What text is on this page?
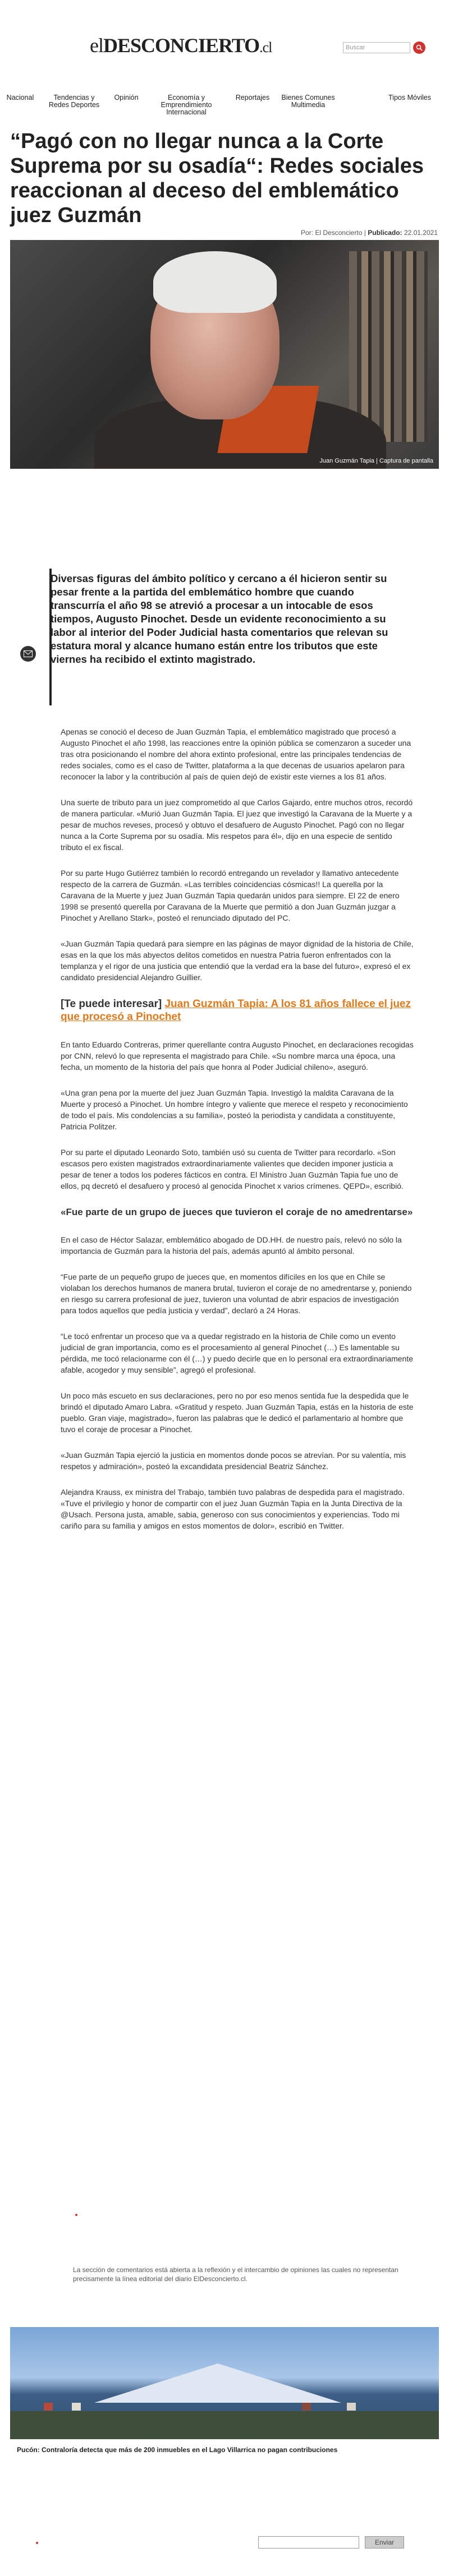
elDESCONCIERTO.cl	Buscar
Nacional	Tendencias y Redes Deportes
Opinión	Economía y Emprendimiento Internacional
Reportajes	Bienes Comunes Multimedia
Tipos Móviles
“Pagó con no llegar nunca a la Corte Suprema por su osadía“: Redes sociales reaccionan al deceso del emblemático juez Guzmán
Por: El Desconcierto | Publicado: 22.01.2021
Juan Guzmán Tapia | Captura de pantalla

Diversas figuras del ámbito político y cercano a él hicieron sentir su pesar frente a la partida del emblemático hombre que cuando transcurría el año 98 se atrevió a procesar a un intocable de esos tiempos, Augusto Pinochet. Desde un evidente reconocimiento a su labor al interior del Poder Judicial hasta comentarios que relevan su estatura moral y alcance humano están entre los tributos que este viernes ha recibido el extinto magistrado.

Apenas se conoció el deceso de Juan Guzmán Tapia, el emblemático magistrado que procesó a Augusto Pinochet el año 1998, las reacciones entre la opinión pública se comenzaron a suceder una tras otra posicionando el nombre del ahora extinto profesional, entre las principales tendencias de redes sociales, como es el caso de Twitter, plataforma a la que decenas de usuarios apelaron para reconocer la labor y la contribución al país de quien dejó de existir este viernes a los 81 años.

Una suerte de tributo para un juez comprometido al que Carlos Gajardo, entre muchos otros, recordó de manera particular. «Murió Juan Guzmán Tapia. El juez que investigó la Caravana de la Muerte y a pesar de muchos reveses, procesó y obtuvo el desafuero de Augusto Pinochet. Pagó con no llegar nunca a la Corte Suprema por su osadía. Mis respetos para él», dijo en una especie de sentido tributo el ex fiscal.

Por su parte Hugo Gutiérrez también lo recordó entregando un revelador y llamativo antecedente respecto de la carrera de Guzmán. «Las terribles coincidencias cósmicas!! La querella por la Caravana de la Muerte y juez Juan Guzmán Tapia quedarán unidos para siempre. El 22 de enero 1998 se presentó querella por Caravana de la Muerte que permitió a don Juan Guzmán juzgar a Pinochet y Arellano Stark», posteó el renunciado diputado del PC.

«Juan Guzmán Tapia quedará para siempre en las páginas de mayor dignidad de la historia de Chile, esas en la que los más abyectos delitos cometidos en nuestra Patria fueron enfrentados con la templanza y el rigor de una justicia que entendió que la verdad era la base del futuro», expresó el ex candidato presidencial Alejandro Guillier.

[Te puede interesar] Juan Guzmán Tapia: A los 81 años fallece el juez que procesó a Pinochet

En tanto Eduardo Contreras, primer querellante contra Augusto Pinochet, en declaraciones recogidas por CNN, relevó lo que representa el magistrado para Chile. «Su nombre marca una época, una fecha, un momento de la historia del país que honra al Poder Judicial chileno», aseguró.

«Una gran pena por la muerte del juez Juan Guzmán Tapia. Investigó la maldita Caravana de la Muerte y procesó a Pinochet. Un hombre íntegro y valiente que merece el respeto y reconocimiento de todo el país. Mis condolencias a su familia», posteó la periodista y candidata a constituyente, Patricia Politzer.

Por su parte el diputado Leonardo Soto, también usó su cuenta de Twitter para recordarlo. «Son escasos pero existen magistrados extraordinariamente valientes que deciden imponer justicia a pesar de tener a todos los poderes fácticos en contra. El Ministro Juan Guzmán Tapia fue uno de ellos, pq decretó el desafuero y procesó al genocida Pinochet x varios crímenes. QEPD», escribió.

«Fue parte de un grupo de jueces que tuvieron el coraje de no amedrentarse»

En el caso de Héctor Salazar, emblemático abogado de DD.HH. de nuestro país, relevó no sólo la importancia de Guzmán para la historia del país, además apuntó al ámbito personal.

“Fue parte de un pequeño grupo de jueces que, en momentos difíciles en los que en Chile se violaban los derechos humanos de manera brutal, tuvieron el coraje de no amedrentarse y, poniendo en riesgo su carrera profesional de juez, tuvieron una voluntad de abrir espacios de investigación para todos aquellos que pedía justicia y verdad”, declaró a 24 Horas.

“Le tocó enfrentar un proceso que va a quedar registrado en la historia de Chile como un evento judicial de gran importancia, como es el procesamiento al general Pinochet (…) Es lamentable su pérdida, me tocó relacionarme con él (…) y puedo decirle que en lo personal era extraordinariamente afable, acogedor y muy sensible”, agregó el profesional.

Un poco más escueto en sus declaraciones, pero no por eso menos sentida fue la despedida que le brindó el diputado Amaro Labra. «Gratitud y respeto. Juan Guzmán Tapia, estás en la historia de este pueblo. Gran viaje, magistrado», fueron las palabras que le dedicó el parlamentario al hombre que tuvo el coraje de procesar a Pinochet.

«Juan Guzmán Tapia ejerció la justicia en momentos donde pocos se atrevían. Por su valentía, mis respetos y admiración», posteó la excandidata presidencial Beatriz Sánchez.

Alejandra Krauss, ex ministra del Trabajo, también tuvo palabras de despedida para el magistrado. «Tuve el privilegio y honor de compartir con el juez Juan Guzmán Tapia en la Junta Directiva de la @Usach. Persona justa, amable, sabia, generoso con sus conocimientos y experiencias. Todo mi cariño para su familia y amigos en estos momentos de dolor», escribió en Twitter.

La sección de comentarios está abierta a la reflexión y el intercambio de opiniones las cuales no representan precisamente la línea editorial del diario ElDesconcierto.cl.
Pucón: Contraloría detecta que más de 200 inmuebles en el Lago Villarrica no pagan contribuciones
Enviar
